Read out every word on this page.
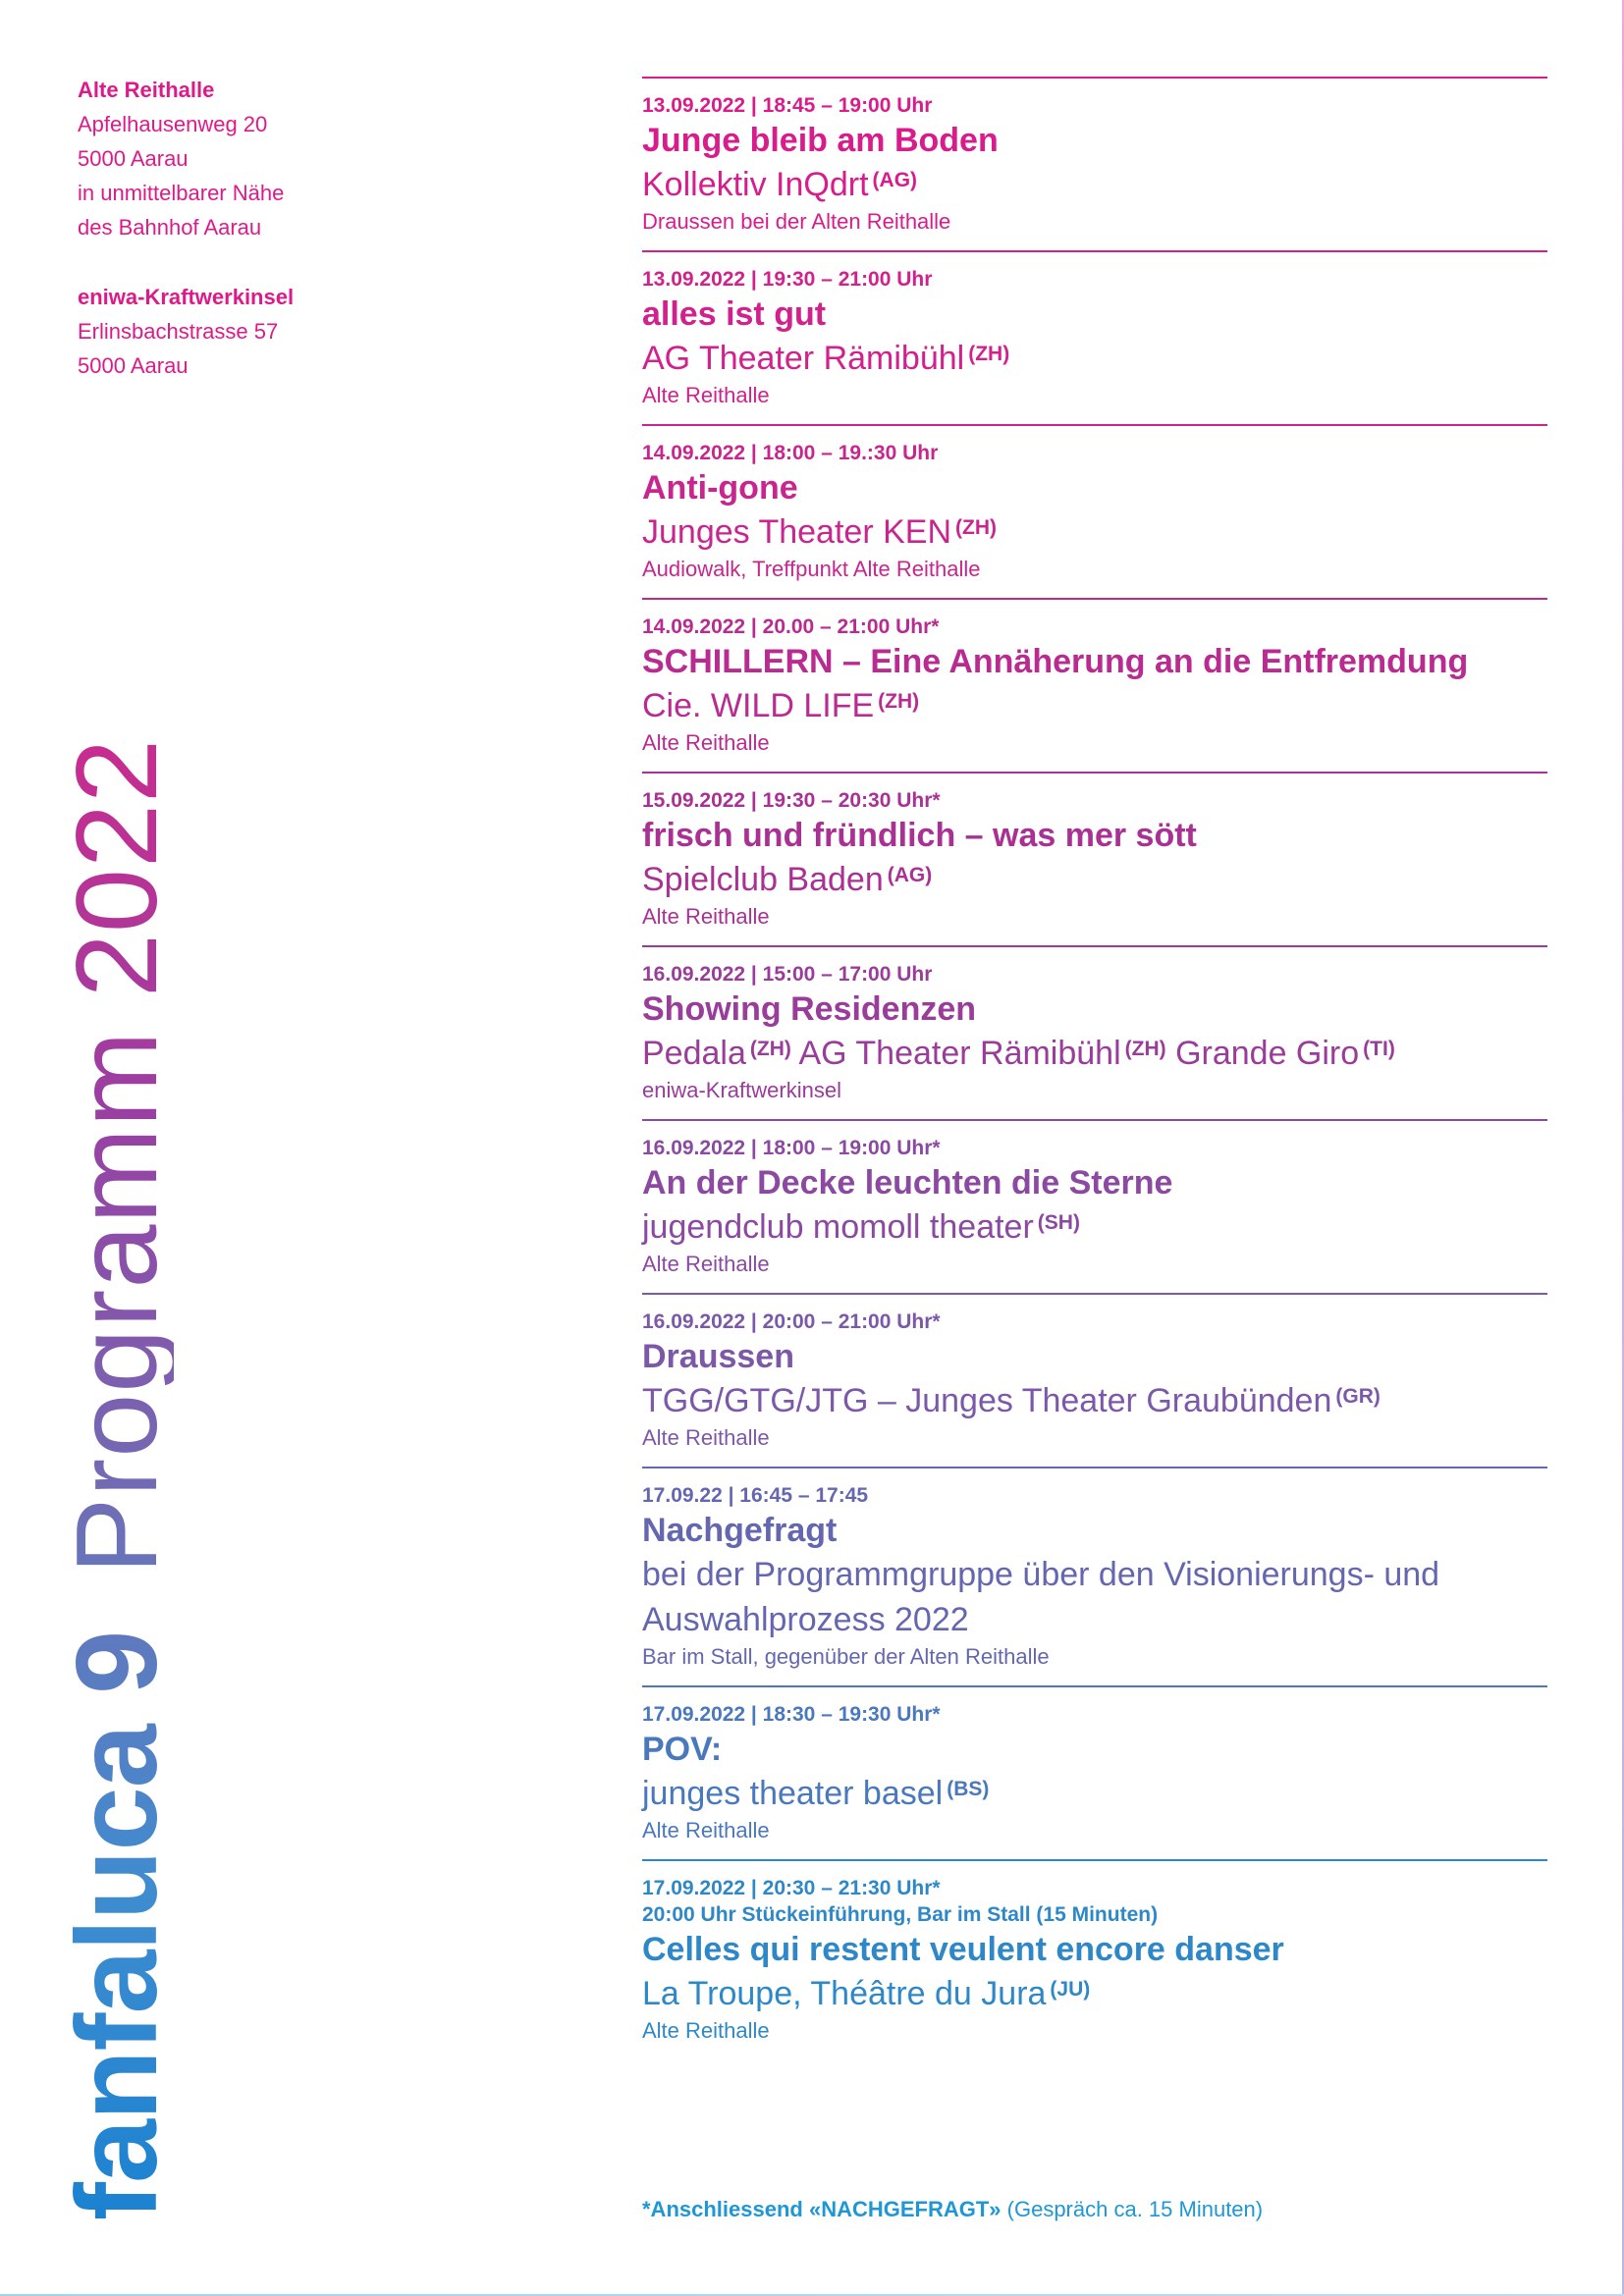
Alte Reithalle
Apfelhausenweg 20
5000 Aarau
in unmittelbarer Nähe
des Bahnhof Aarau
eniwa-Kraftwerkinsel
Erlinsbachstrasse 57
5000 Aarau
fanfaluca 9Programm 2022
13.09.2022 | 18:45 – 19:00 Uhr
Junge bleib am Boden
Kollektiv InQdrt $^{(AG)}$
Draussen bei der Alten Reithalle
13.09.2022 | 19:30 – 21:00 Uhr
alles ist gut
AG Theater Rämibühl $^{(ZH)}$
Alte Reithalle
14.09.2022 | 18:00 – 19.:30 Uhr
Anti-gone
Junges Theater KEN $^{(ZH)}$
Audiowalk, Treffpunkt Alte Reithalle
14.09.2022 | 20.00 – 21:00 Uhr*
SCHILLERN – Eine Annäherung an die Entfremdung
Cie. WILD LIFE $^{(ZH)}$
Alte Reithalle
15.09.2022 | 19:30 – 20:30 Uhr*
frisch und fründlich – was mer sött
Spielclub Baden $^{(AG)}$
Alte Reithalle
16.09.2022 | 15:00 – 17:00 Uhr
Showing Residenzen
Pedala $^{(ZH)}$ AG Theater Rämibühl $^{(ZH)}$ Grande Giro $^{(TI)}$
eniwa-Kraftwerkinsel
16.09.2022 | 18:00 – 19:00 Uhr*
An der Decke leuchten die Sterne
jugendclub momoll theater $^{(SH)}$
Alte Reithalle
16.09.2022 | 20:00 – 21:00 Uhr*
Draussen
TGG/GTG/JTG – Junges Theater Graubünden $^{(GR)}$
Alte Reithalle
17.09.22 | 16:45 – 17:45
Nachgefragt
bei der Programmgruppe über den Visionierungs- und Auswahlprozess 2022
Bar im Stall, gegenüber der Alten Reithalle
17.09.2022 | 18:30 – 19:30 Uhr*
POV:
junges theater basel $^{(BS)}$
Alte Reithalle
17.09.2022 | 20:30 – 21:30 Uhr*
20:00 Uhr Stückeinführung, Bar im Stall (15 Minuten)
Celles qui restent veulent encore danser
La Troupe, Théâtre du Jura $^{(JU)}$
Alte Reithalle
*Anschliessend «NACHGEFRAGT» (Gespräch ca. 15 Minuten)
